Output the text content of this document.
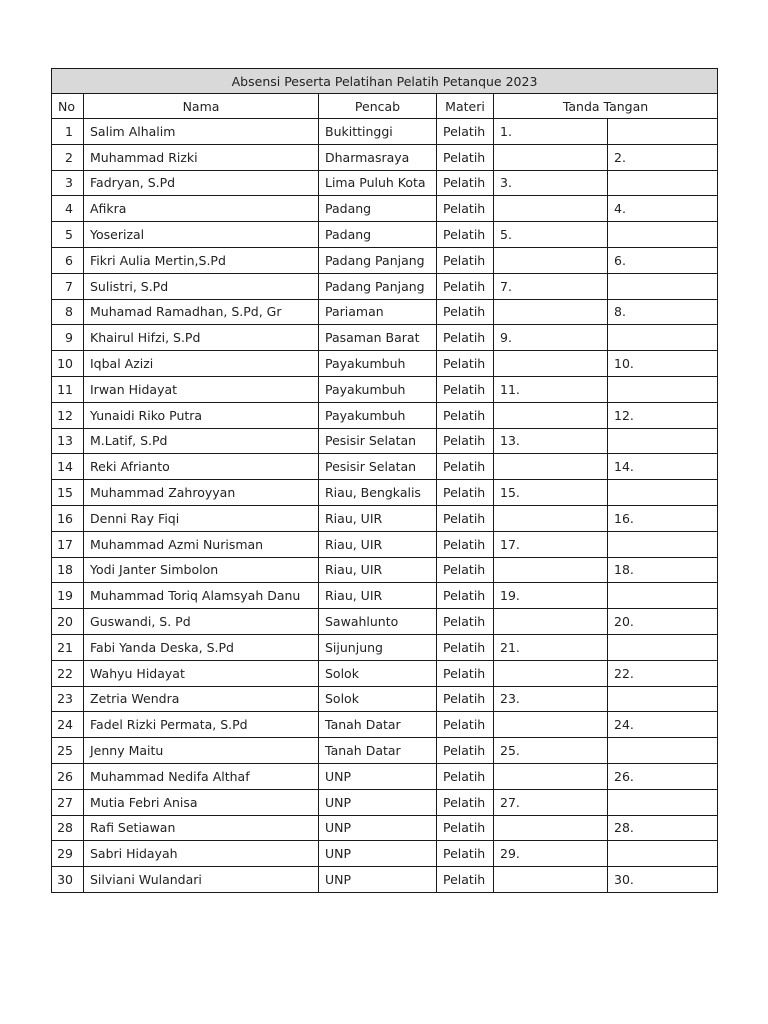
Absensi Peserta Pelatihan Pelatih Petanque 2023					
No	Nama	Pencab	Materi	Tanda Tangan	
1	Salim Alhalim	Bukittinggi	Pelatih	1.	
2	Muhammad Rizki	Dharmasraya	Pelatih		2.
3	Fadryan, S.Pd	Lima Puluh Kota	Pelatih	3.	
4	Afikra	Padang	Pelatih		4.
5	Yoserizal	Padang	Pelatih	5.	
6	Fikri Aulia Mertin,S.Pd	Padang Panjang	Pelatih		6.
7	Sulistri, S.Pd	Padang Panjang	Pelatih	7.	
8	Muhamad Ramadhan, S.Pd, Gr	Pariaman	Pelatih		8.
9	Khairul Hifzi, S.Pd	Pasaman Barat	Pelatih	9.	
10	Iqbal Azizi	Payakumbuh	Pelatih		10.
11	Irwan Hidayat	Payakumbuh	Pelatih	11.	
12	Yunaidi Riko Putra	Payakumbuh	Pelatih		12.
13	M.Latif, S.Pd	Pesisir Selatan	Pelatih	13.	
14	Reki Afrianto	Pesisir Selatan	Pelatih		14.
15	Muhammad Zahroyyan	Riau, Bengkalis	Pelatih	15.	
16	Denni Ray Fiqi	Riau, UIR	Pelatih		16.
17	Muhammad Azmi Nurisman	Riau, UIR	Pelatih	17.	
18	Yodi Janter Simbolon	Riau, UIR	Pelatih		18.
19	Muhammad Toriq Alamsyah Danu	Riau, UIR	Pelatih	19.	
20	Guswandi, S. Pd	Sawahlunto	Pelatih		20.
21	Fabi Yanda Deska, S.Pd	Sijunjung	Pelatih	21.	
22	Wahyu Hidayat	Solok	Pelatih		22.
23	Zetria Wendra	Solok	Pelatih	23.	
24	Fadel Rizki Permata, S.Pd	Tanah Datar	Pelatih		24.
25	Jenny Maitu	Tanah Datar	Pelatih	25.	
26	Muhammad Nedifa Althaf	UNP	Pelatih		26.
27	Mutia Febri Anisa	UNP	Pelatih	27.	
28	Rafi Setiawan	UNP	Pelatih		28.
29	Sabri Hidayah	UNP	Pelatih	29.	
30	Silviani Wulandari	UNP	Pelatih		30.
